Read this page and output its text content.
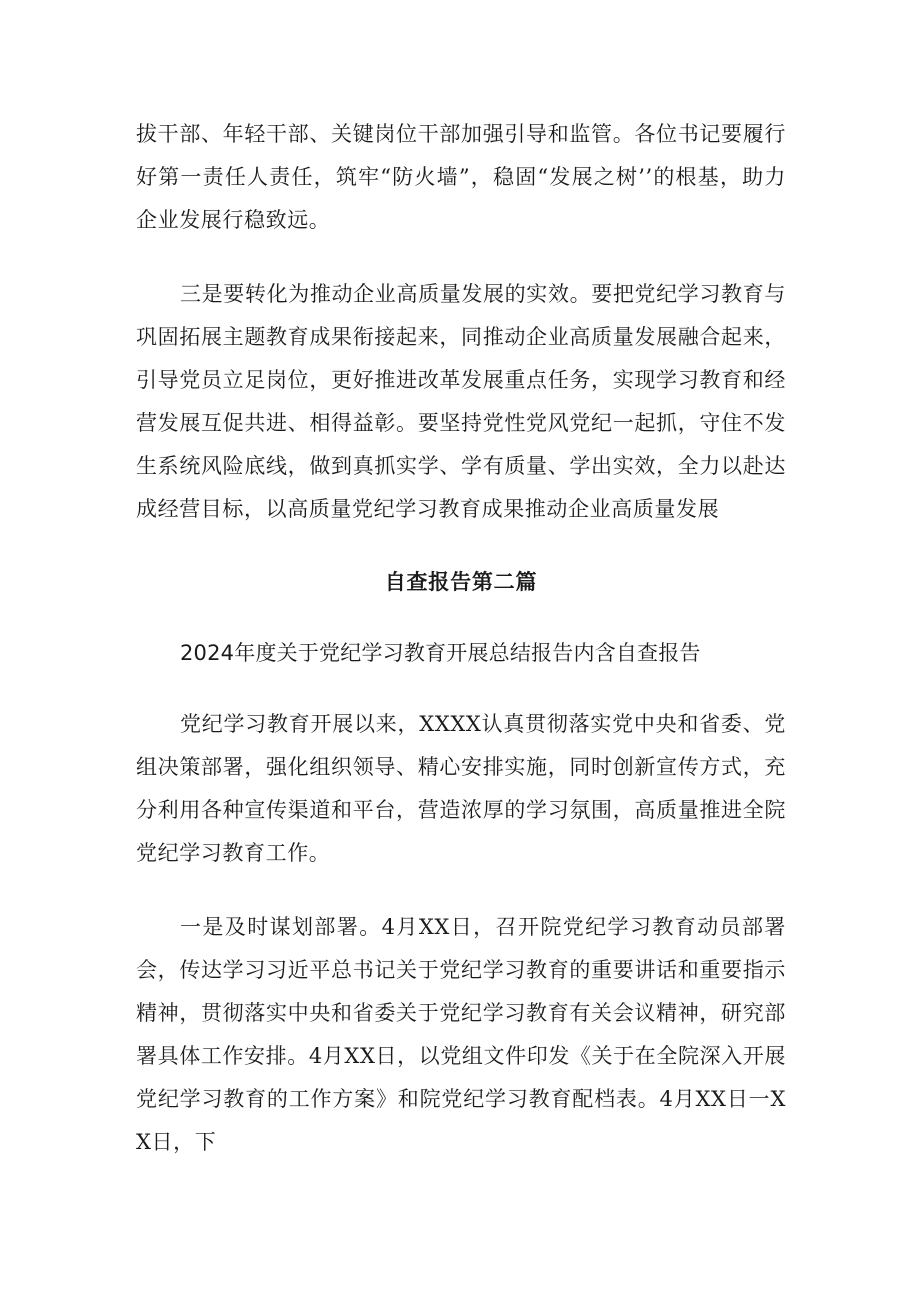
拔干部、年轻干部、关键岗位干部加强引导和监管。各位书记要履行好第一责任人责任，筑牢“防火墙”，稳固“发展之树’’的根基，助力企业发展行稳致远。

三是要转化为推动企业高质量发展的实效。要把党纪学习教育与巩固拓展主题教育成果衔接起来，同推动企业高质量发展融合起来，引导党员立足岗位，更好推进改革发展重点任务，实现学习教育和经营发展互促共进、相得益彰。要坚持党性党风党纪一起抓，守住不发生系统风险底线，做到真抓实学、学有质量、学出实效，全力以赴达成经营目标，以高质量党纪学习教育成果推动企业高质量发展

自查报告第二篇
2024年度关于党纪学习教育开展总结报告内含自查报告

党纪学习教育开展以来，XXXX认真贯彻落实党中央和省委、党组决策部署，强化组织领导、精心安排实施，同时创新宣传方式，充分利用各种宣传渠道和平台，营造浓厚的学习氛围，高质量推进全院党纪学习教育工作。

一是及时谋划部署。4月XX日，召开院党纪学习教育动员部署会，传达学习习近平总书记关于党纪学习教育的重要讲话和重要指示精神，贯彻落实中央和省委关于党纪学习教育有关会议精神，研究部署具体工作安排。4月XX日，以党组文件印发《关于在全院深入开展党纪学习教育的工作方案》和院党纪学习教育配档表。4月XX日一XX日，下
